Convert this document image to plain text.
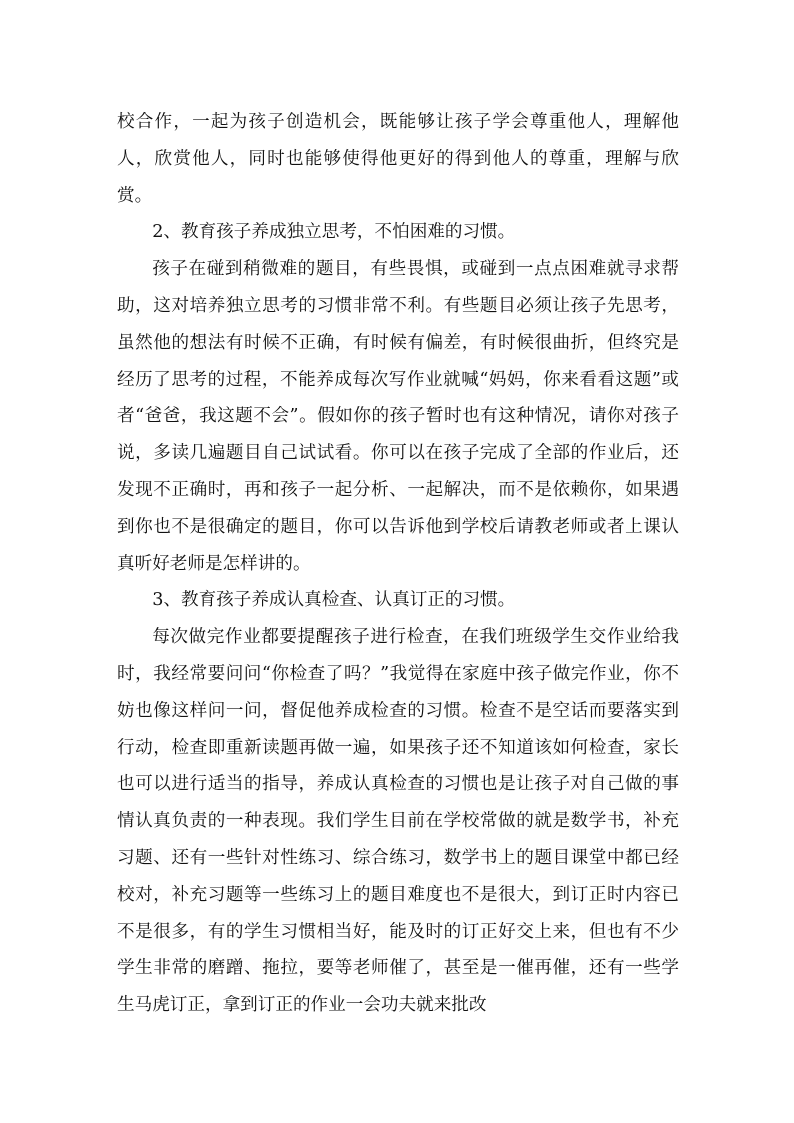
校合作，一起为孩子创造机会，既能够让孩子学会尊重他人，理解他人，欣赏他人，同时也能够使得他更好的得到他人的尊重，理解与欣赏。

2、教育孩子养成独立思考，不怕困难的习惯。

孩子在碰到稍微难的题目，有些畏惧，或碰到一点点困难就寻求帮助，这对培养独立思考的习惯非常不利。有些题目必须让孩子先思考，虽然他的想法有时候不正确，有时候有偏差，有时候很曲折，但终究是经历了思考的过程，不能养成每次写作业就喊“妈妈，你来看看这题”或者“爸爸，我这题不会”。假如你的孩子暂时也有这种情况，请你对孩子说，多读几遍题目自己试试看。你可以在孩子完成了全部的作业后，还发现不正确时，再和孩子一起分析、一起解决，而不是依赖你，如果遇到你也不是很确定的题目，你可以告诉他到学校后请教老师或者上课认真听好老师是怎样讲的。

3、教育孩子养成认真检查、认真订正的习惯。

每次做完作业都要提醒孩子进行检查，在我们班级学生交作业给我时，我经常要问问“你检查了吗？”我觉得在家庭中孩子做完作业，你不妨也像这样问一问，督促他养成检查的习惯。检查不是空话而要落实到行动，检查即重新读题再做一遍，如果孩子还不知道该如何检查，家长也可以进行适当的指导，养成认真检查的习惯也是让孩子对自己做的事情认真负责的一种表现。我们学生目前在学校常做的就是数学书，补充习题、还有一些针对性练习、综合练习，数学书上的题目课堂中都已经校对，补充习题等一些练习上的题目难度也不是很大，到订正时内容已不是很多，有的学生习惯相当好，能及时的订正好交上来，但也有不少学生非常的磨蹭、拖拉，要等老师催了，甚至是一催再催，还有一些学生马虎订正，拿到订正的作业一会功夫就来批改
